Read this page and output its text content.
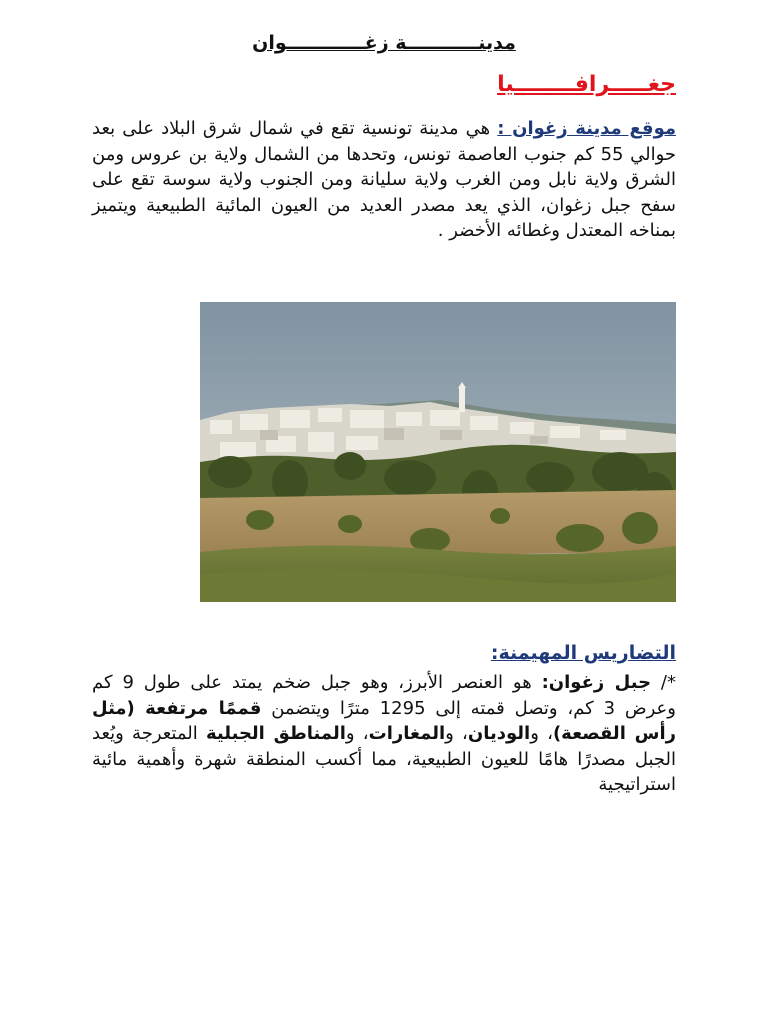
مدينـــــــــــة زغــــــــــــوان
جغـــــرافــــــــيا

موقع مدينة زغوان : هي مدينة تونسية تقع في شمال شرق البلاد على بعد حوالي 55 كم جنوب العاصمة تونس، وتحدها من الشمال ولاية بن عروس ومن الشرق ولاية نابل ومن الغرب ولاية سليانة ومن الجنوب ولاية سوسة تقع على سفح جبل زغوان، الذي يعد مصدر العديد من العيون المائية الطبيعية ويتميز بمناخه المعتدل وغطائه الأخضر .

التضاريس المهيمنة:

*/ جبل زغوان: هو العنصر الأبرز، وهو جبل ضخم يمتد على طول 9 كم وعرض 3 كم، وتصل قمته إلى 1295 مترًا ويتضمن قممًا مرتفعة (مثل رأس القصعة)، والوديان، والمغارات، والمناطق الجبلية المتعرجة ويُعد الجبل مصدرًا هامًا للعيون الطبيعية، مما أكسب المنطقة شهرة وأهمية مائية استراتيجية
